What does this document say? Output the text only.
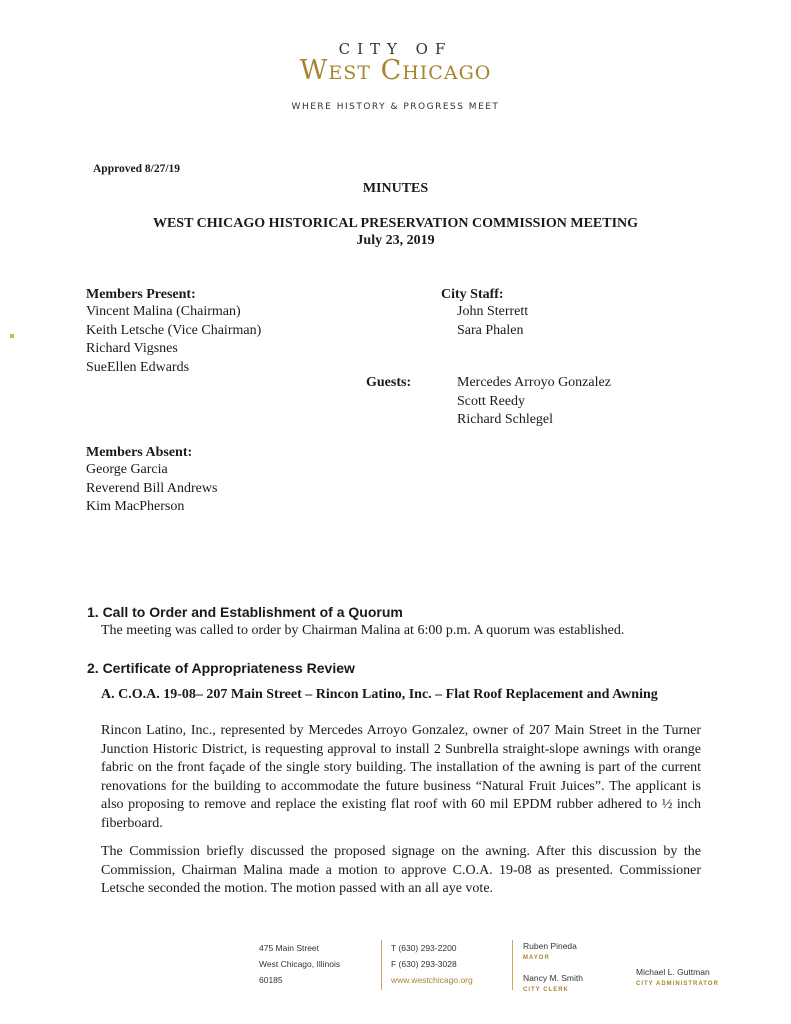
CITY OF
West Chicago
WHERE HISTORY & PROGRESS MEET
Approved 8/27/19
MINUTES
WEST CHICAGO HISTORICAL PRESERVATION COMMISSION MEETING
July 23, 2019
Members Present:
Vincent Malina (Chairman)
Keith Letsche (Vice Chairman)
Richard Vigsnes
SueEllen Edwards
City Staff:
John Sterrett
Sara Phalen
Guests:	Mercedes Arroyo Gonzalez
Scott Reedy
Richard Schlegel
Members Absent:
George Garcia
Reverend Bill Andrews
Kim MacPherson
1. Call to Order and Establishment of a Quorum
The meeting was called to order by Chairman Malina at 6:00 p.m. A quorum was established.
2. Certificate of Appropriateness Review
A. C.O.A. 19-08– 207 Main Street – Rincon Latino, Inc. – Flat Roof Replacement and Awning
Rincon Latino, Inc., represented by Mercedes Arroyo Gonzalez, owner of 207 Main Street in the Turner Junction Historic District, is requesting approval to install 2 Sunbrella straight-slope awnings with orange fabric on the front façade of the single story building. The installation of the awning is part of the current renovations for the building to accommodate the future business “Natural Fruit Juices”. The applicant is also proposing to remove and replace the existing flat roof with 60 mil EPDM rubber adhered to ½ inch fiberboard.
The Commission briefly discussed the proposed signage on the awning. After this discussion by the Commission, Chairman Malina made a motion to approve C.O.A. 19-08 as presented. Commissioner Letsche seconded the motion. The motion passed with an all aye vote.
475 Main Street
West Chicago, Illinois
60185
T (630) 293-2200
F (630) 293-3028
www.westchicago.org
Ruben Pineda
MAYOR
Nancy M. Smith
CITY CLERK
Michael L. Guttman
CITY ADMINISTRATOR
